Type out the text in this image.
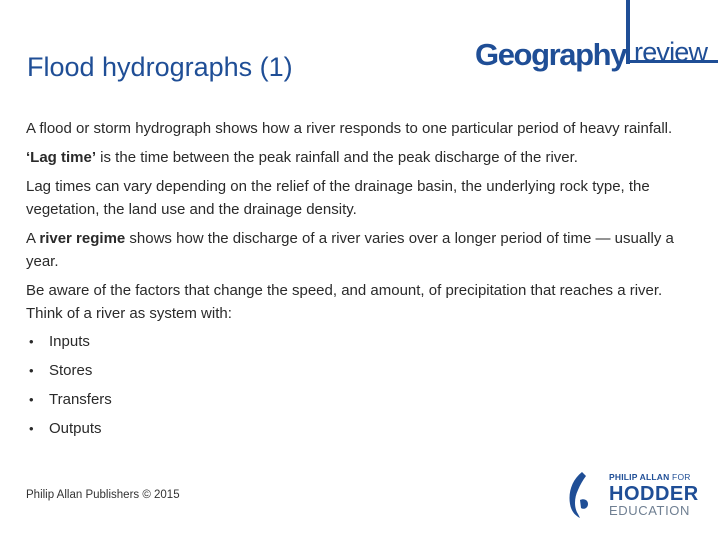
Flood hydrographs (1)	Geography review

A flood or storm hydrograph shows how a river responds to one particular period of heavy rainfall.

‘Lag time’ is the time between the peak rainfall and the peak discharge of the river.

Lag times can vary depending on the relief of the drainage basin, the underlying rock type, the vegetation, the land use and the drainage density.

A river regime shows how the discharge of a river varies over a longer period of time — usually a year.

Be aware of the factors that change the speed, and amount, of precipitation that reaches a river. Think of a river as system with:

•	Inputs
•	Stores
•	Transfers
•	Outputs
Philip Allan Publishers © 2015
PHILIP ALLAN FOR
HODDER
EDUCATION
